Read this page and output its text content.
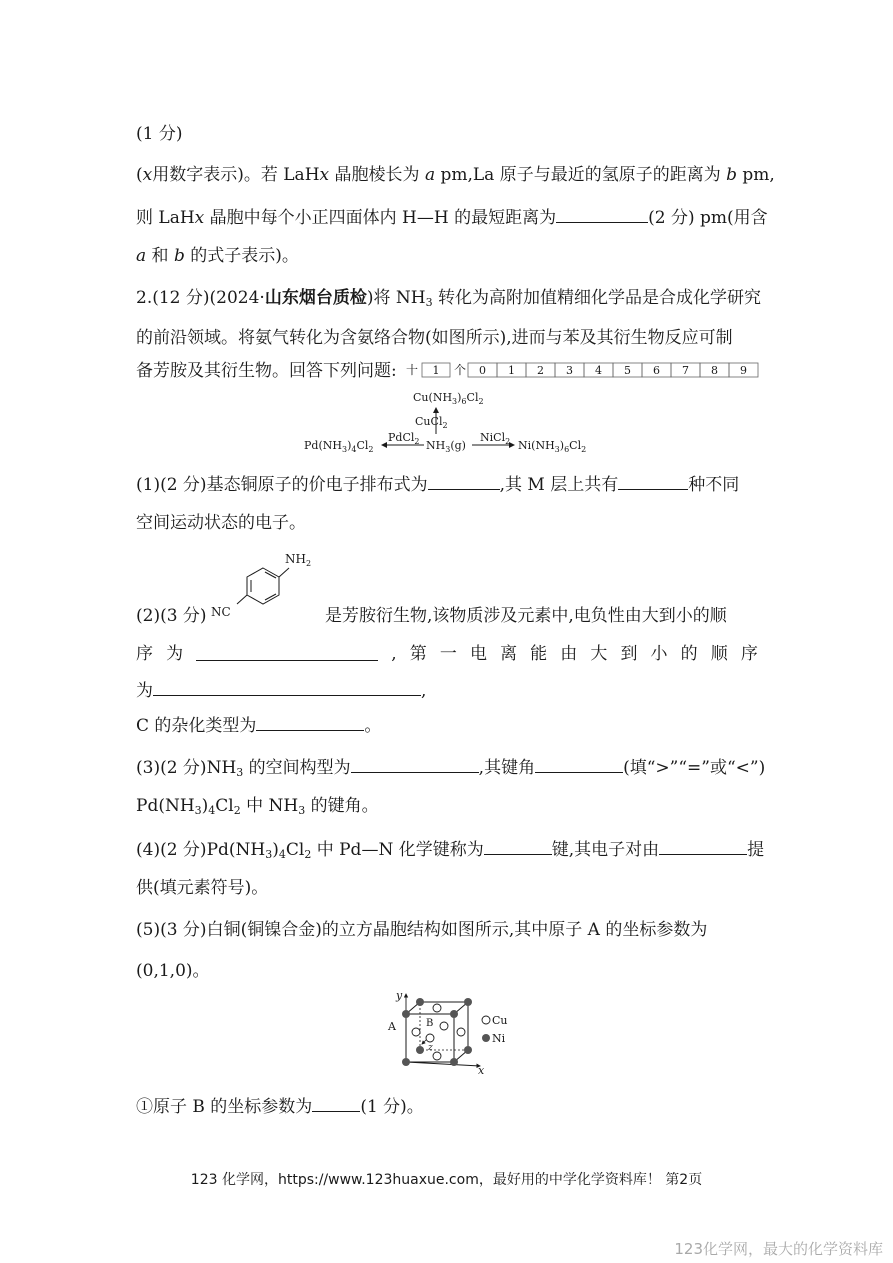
(1 分)
(x用数字表示)。若 LaHx 晶胞棱长为 a pm,La 原子与最近的氢原子的距离为 b pm,
则 LaHx 晶胞中每个小正四面体内 H—H 的最短距离为	(2 分) pm(用含
a 和 b 的式子表示)。
2.(12 分)(2024·山东烟台质检)将 $NH_3$ 转化为高附加值精细化学品是合成化学研究
的前沿领域。将氨气转化为含氨络合物(如图所示),进而与苯及其衍生物反应可制
备芳胺及其衍生物。回答下列问题: 十 1 个 0 1 2 3 4 5 6 7 8 9
$Cu(NH_3)_6Cl_2$
CuCl$_2$
$Pd(NH_3)_4Cl_2$
PdCl$_2$ $NH_3(g)$
NiCl$_2$ $Ni(NH_3)_6Cl_2$
(1)(2 分)基态铜原子的价电子排布式为	,其 M 层上共有	种不同
空间运动状态的电子。
(2)(3 分)
$NH_2$
NC	是芳胺衍生物,该物质涉及元素中,电负性由大到小的顺
序 为	, 第 一 电 离 能 由 大 到 小 的 顺 序
为	,
C 的杂化类型为	。
(3)(2 分)$NH_3$ 的空间构型为	,其键角	(填“>”“=”或“<”)
$Pd(NH_3)_4Cl_2$ 中 $NH_3$ 的键角。
(4)(2 分)$Pd(NH_3)_4Cl_2$ 中 Pd—N 化学键称为	键,其电子对由	提
供(填元素符号)。
(5)(3 分)白铜(铜镍合金)的立方晶胞结构如图所示,其中原子 A 的坐标参数为
(0,1,0)。
y
x
z
A	B	Cu
Ni
①原子 B 的坐标参数为	(1 分)。
123 化学网，https://www.123huaxue.com，最好用的中学化学资料库！ 第2页
123化学网，最大的化学资料库
